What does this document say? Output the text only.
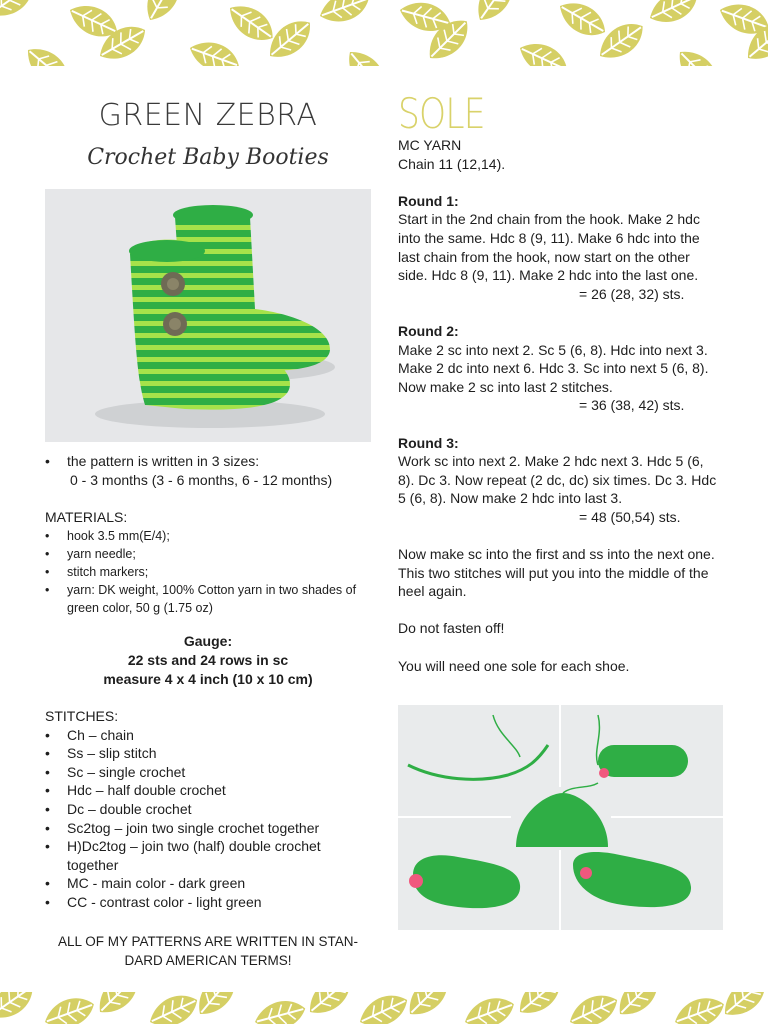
GREEN ZEBRA
Crochet Baby Booties
•	the pattern is written in 3 sizes:
0 - 3 months (3 - 6 months, 6 - 12 months)
MATERIALS:
•	hook 3.5 mm(E/4);
•	yarn needle;
•	stitch markers;
•	yarn: DK weight, 100% Cotton yarn in two shades of green color, 50 g (1.75 oz)
Gauge:
22 sts and 24 rows in sc
measure 4 x 4 inch (10 x 10 cm)
STITCHES:
•	Ch – chain
•	Ss – slip stitch
•	Sc – single crochet
•	Hdc – half double crochet
•	Dc – double crochet
•	Sc2tog – join two single crochet together
•	H)Dc2tog – join two (half) double crochet together
•	MC - main color - dark green
•	CC - contrast color - light green
ALL OF MY PATTERNS ARE WRITTEN IN STAN-DARD AMERICAN TERMS!
SOLE
MC YARN
Chain 11 (12,14).
Round 1:
Start in the 2nd chain from the hook. Make 2 hdc into the same. Hdc 8 (9, 11). Make 6 hdc into the last chain from the hook, now start on the other side. Hdc 8 (9, 11). Make 2 hdc into the last one.
= 26 (28, 32) sts.
Round 2:
Make 2 sc into next 2. Sc 5 (6, 8). Hdc into next 3. Make 2 dc into next 6. Hdc 3. Sc into next 5 (6, 8). Now make 2 sc into last 2 stitches.
= 36 (38, 42) sts.
Round 3:
Work sc into next 2. Make 2 hdc next 3. Hdc 5 (6, 8). Dc 3. Now repeat (2 dc, dc) six times. Dc 3. Hdc 5 (6, 8). Now make 2 hdc into last 3.
= 48 (50,54) sts.
Now make sc into the first and ss into the next one. This two stitches will put you into the middle of the heel again.
Do not fasten off!
You will need one sole for each shoe.
